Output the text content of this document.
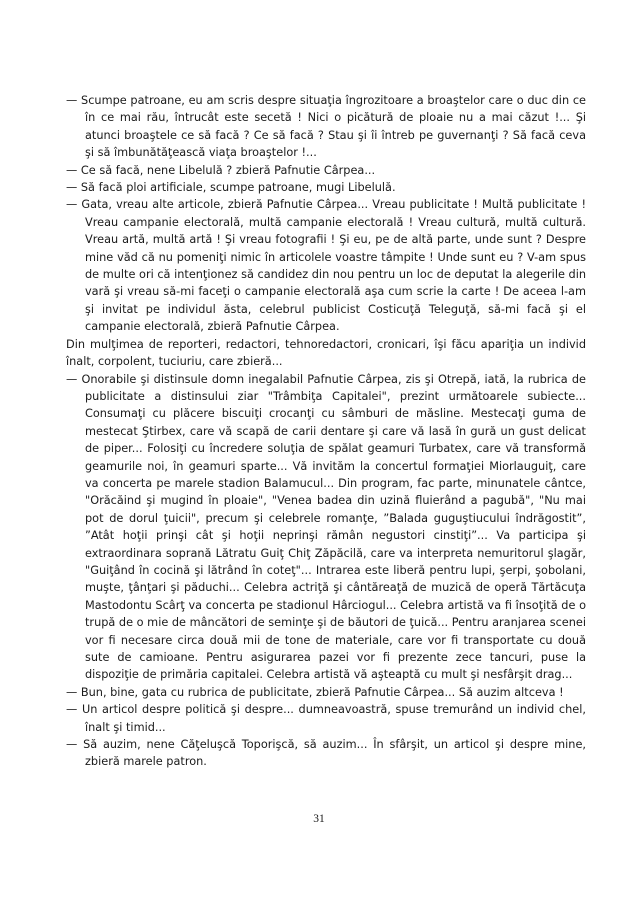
— Scumpe patroane, eu am scris despre situaţia îngrozitoare a broaştelor care o duc din ce în ce mai rău, întrucât este secetă ! Nici o picătură de ploaie nu a mai căzut !... Şi atunci broaştele ce să facă ? Ce să facă ? Stau şi îi întreb pe guvernanţi ? Să facă ceva şi să îmbunătăţească viaţa broaştelor !...

— Ce să facă, nene Libelulă ? zbieră Pafnutie Cârpea...

— Să facă ploi artificiale, scumpe patroane, mugi Libelulă.

— Gata, vreau alte articole, zbieră Pafnutie Cârpea... Vreau publicitate ! Multă publicitate ! Vreau campanie electorală, multă campanie electorală ! Vreau cultură, multă cultură. Vreau artă, multă artă ! Şi vreau fotografii ! Şi eu, pe de altă parte, unde sunt ? Despre mine văd că nu pomeniţi nimic în articolele voastre tâmpite ! Unde sunt eu ? V-am spus de multe ori că intenţionez să candidez din nou pentru un loc de deputat la alegerile din vară şi vreau să-mi faceţi o campanie electorală aşa cum scrie la carte ! De aceea l-am şi invitat pe individul ăsta, celebrul publicist Costicuţă Teleguţă, să-mi facă şi el campanie electorală, zbieră Pafnutie Cârpea.

Din mulţimea de reporteri, redactori, tehnoredactori, cronicari, îşi făcu apariţia un individ înalt, corpolent, tuciuriu, care zbieră...

— Onorabile şi distinsule domn inegalabil Pafnutie Cârpea, zis şi Otrepă, iată, la rubrica de publicitate a distinsului ziar "Trâmbiţa Capitalei", prezint următoarele subiecte... Consumaţi cu plăcere biscuiţi crocanţi cu sâmburi de măsline. Mestecaţi guma de mestecat Ştirbex, care vă scapă de carii dentare şi care vă lasă în gură un gust delicat de piper... Folosiţi cu încredere soluţia de spălat geamuri Turbatex, care vă transformă geamurile noi, în geamuri sparte... Vă invităm la concertul formaţiei Miorlauguiţ, care va concerta pe marele stadion Balamucul... Din program, fac parte, minunatele cântce, "Orăcăind şi mugind în ploaie", "Venea badea din uzină fluierând a pagubă", "Nu mai pot de dorul ţuicii", precum şi celebrele romanţe, ”Balada guguştiucului îndrăgostit”, ”Atât hoţii prinşi cât şi hoţii neprinşi rămân negustori cinstiţi”... Va participa şi extraordinara soprană Lătratu Guiţ Chiţ Zăpăcilă, care va interpreta nemuritorul şlagăr, "Guiţând în cocină şi lătrând în coteţ"... Intrarea este liberă pentru lupi, şerpi, şobolani, muşte, ţânţari şi păduchi... Celebra actriţă şi cântăreaţă de muzică de operă Tărtăcuţa Mastodontu Scârţ va concerta pe stadionul Hârciogul... Celebra artistă va fi însoţită de o trupă de o mie de mâncători de seminţe şi de băutori de ţuică... Pentru aranjarea scenei vor fi necesare circa două mii de tone de materiale, care vor fi transportate cu două sute de camioane. Pentru asigurarea pazei vor fi prezente zece tancuri, puse la dispoziţie de primăria capitalei. Celebra artistă vă aşteaptă cu mult şi nesfârşit drag...

— Bun, bine, gata cu rubrica de publicitate, zbieră Pafnutie Cârpea... Să auzim altceva !

— Un articol despre politică şi despre... dumneavoastră, spuse tremurând un individ chel, înalt şi timid...

— Să auzim, nene Căţeluşcă Toporişcă, să auzim... În sfârşit, un articol şi despre mine, zbieră marele patron.

31
